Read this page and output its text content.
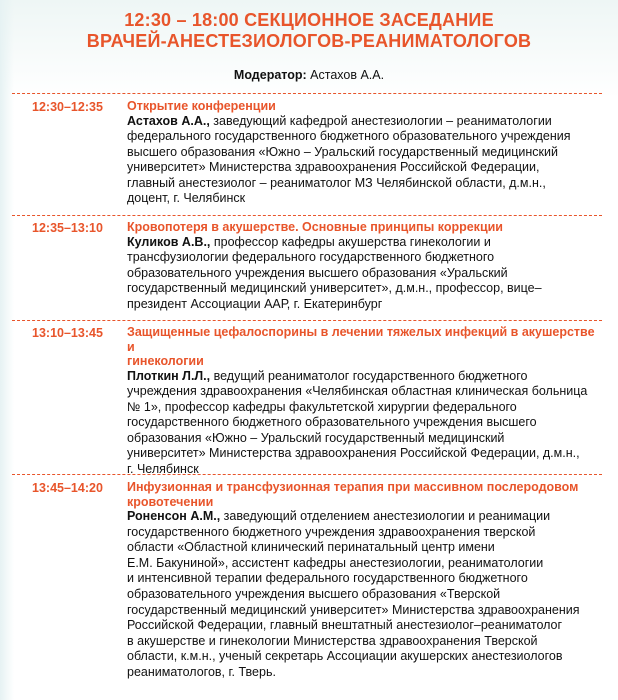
12:30 – 18:00 СЕКЦИОННОЕ ЗАСЕДАНИЕ
ВРАЧЕЙ-АНЕСТЕЗИОЛОГОВ-РЕАНИМАТОЛОГОВ
Модератор: Астахов А.А.
12:30–12:35	Открытие конференции
Астахов А.А., заведующий кафедрой анестезиологии – реаниматологии
федерального государственного бюджетного образовательного учреждения
высшего образования «Южно – Уральский государственный медицинский
университет» Министерства здравоохранения Российской Федерации,
главный анестезиолог – реаниматолог МЗ Челябинской области, д.м.н.,
доцент, г. Челябинск
12:35–13:10	Кровопотеря в акушерстве. Основные принципы коррекции
Куликов А.В., профессор кафедры акушерства гинекологии и
трансфузиологии федерального государственного бюджетного
образовательного учреждения высшего образования «Уральский
государственный медицинский университет», д.м.н., профессор, вице–
президент Ассоциации ААР, г. Екатеринбург
13:10–13:45	Защищенные цефалоспорины в лечении тяжелых инфекций в акушерстве и
гинекологии
Плоткин Л.Л., ведущий реаниматолог государственного бюджетного
учреждения здравоохранения «Челябинская областная клиническая больница
№ 1», профессор кафедры факультетской хирургии федерального
государственного бюджетного образовательного учреждения высшего
образования «Южно – Уральский государственный медицинский
университет» Министерства здравоохранения Российской Федерации, д.м.н.,
г. Челябинск
13:45–14:20	Инфузионная и трансфузионная терапия при массивном послеродовом
кровотечении
Роненсон А.М., заведующий отделением анестезиологии и реанимации
государственного бюджетного учреждения здравоохранения тверской
области «Областной клинический перинатальный центр имени
Е.М. Бакуниной», ассистент кафедры анестезиологии, реаниматологии
и интенсивной терапии федерального государственного бюджетного
образовательного учреждения высшего образования «Тверской
государственный медицинский университет» Министерства здравоохранения
Российской Федерации, главный внештатный анестезиолог–реаниматолог
в акушерстве и гинекологии Министерства здравоохранения Тверской
области, к.м.н., ученый секретарь Ассоциации акушерских анестезиологов
реаниматологов, г. Тверь.
